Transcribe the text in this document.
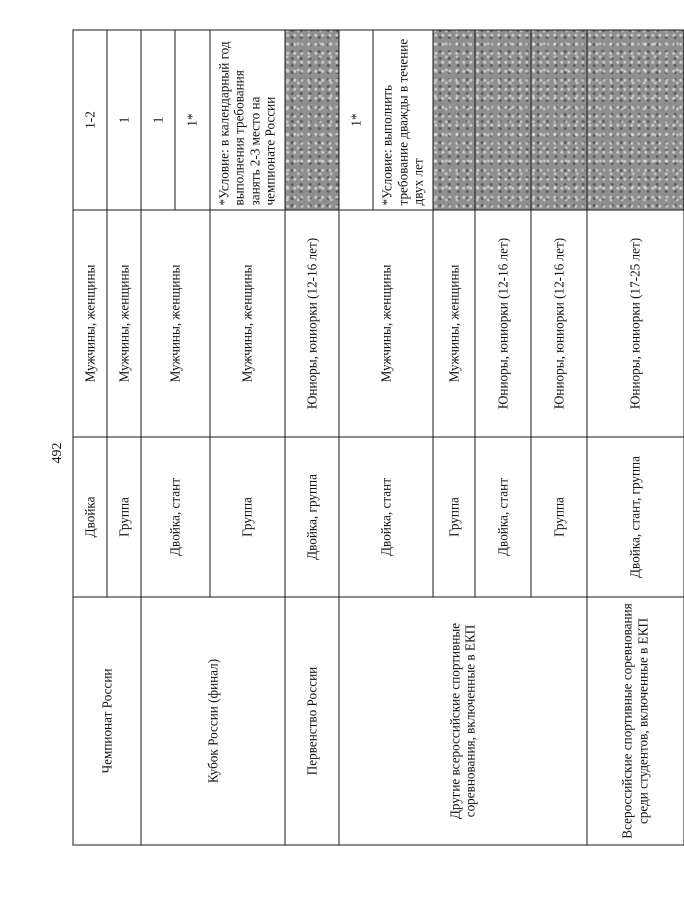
492
Чемпионат России	Двойка	Мужчины, женщины	1-2	
	Группа	Мужчины, женщины	1	
Кубок России (финал)	Двойка, стант	Мужчины, женщины	1	
			1*	
	Группа	Мужчины, женщины	*Условие: в календарный год выполнения требования занять 2-3 место на чемпионате России	

Первенство России	Двойка, группа	Юниоры, юниорки (12-16 лет)		
Другие всероссийские спортивные соревнования, включенные в ЕКП	Двойка, стант	Мужчины, женщины	1*	
			*Условие: выполнить требование дважды в течение двух лет	
	Группа	Мужчины, женщины		
	Двойка, стант	Юниоры, юниорки (12-16 лет)		
	Группа	Юниоры, юниорки (12-16 лет)		
Всероссийские спортивные соревнования среди студентов, включенные в ЕКП	Двойка, стант, группа	Юниоры, юниорки (17-25 лет)		
